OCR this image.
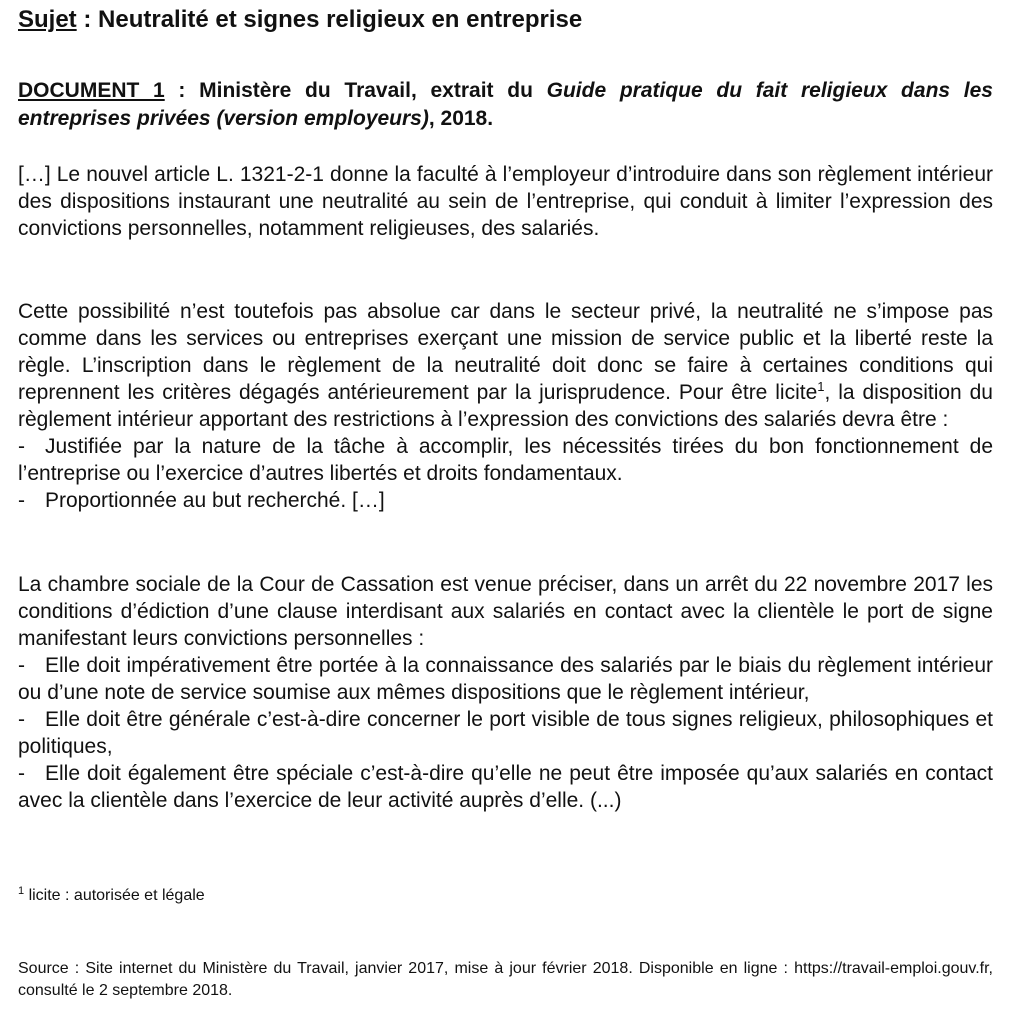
Sujet : Neutralité et signes religieux en entreprise
DOCUMENT 1 : Ministère du Travail, extrait du Guide pratique du fait religieux dans les entreprises privées (version employeurs), 2018.

[…] Le nouvel article L. 1321-2-1 donne la faculté à l’employeur d’introduire dans son règlement intérieur des dispositions instaurant une neutralité au sein de l’entreprise, qui conduit à limiter l’expression des convictions personnelles, notamment religieuses, des salariés.

Cette possibilité n’est toutefois pas absolue car dans le secteur privé, la neutralité ne s’impose pas comme dans les services ou entreprises exerçant une mission de service public et la liberté reste la règle. L’inscription dans le règlement de la neutralité doit donc se faire à certaines conditions qui reprennent les critères dégagés antérieurement par la jurisprudence. Pour être licite$^1$, la disposition du règlement intérieur apportant des restrictions à l’expression des convictions des salariés devra être :

- Justifiée par la nature de la tâche à accomplir, les nécessités tirées du bon fonctionnement de l’entreprise ou l’exercice d’autres libertés et droits fondamentaux.

- Proportionnée au but recherché. […]

La chambre sociale de la Cour de Cassation est venue préciser, dans un arrêt du 22 novembre 2017 les conditions d’édiction d’une clause interdisant aux salariés en contact avec la clientèle le port de signe manifestant leurs convictions personnelles :

- Elle doit impérativement être portée à la connaissance des salariés par le biais du règlement intérieur ou d’une note de service soumise aux mêmes dispositions que le règlement intérieur,

- Elle doit être générale c’est-à-dire concerner le port visible de tous signes religieux, philosophiques et politiques,

- Elle doit également être spéciale c’est-à-dire qu’elle ne peut être imposée qu’aux salariés en contact avec la clientèle dans l’exercice de leur activité auprès d’elle. (...)

$^1$ licite : autorisée et légale
Source : Site internet du Ministère du Travail, janvier 2017, mise à jour février 2018. Disponible en ligne : https://travail-emploi.gouv.fr, consulté le 2 septembre 2018.
